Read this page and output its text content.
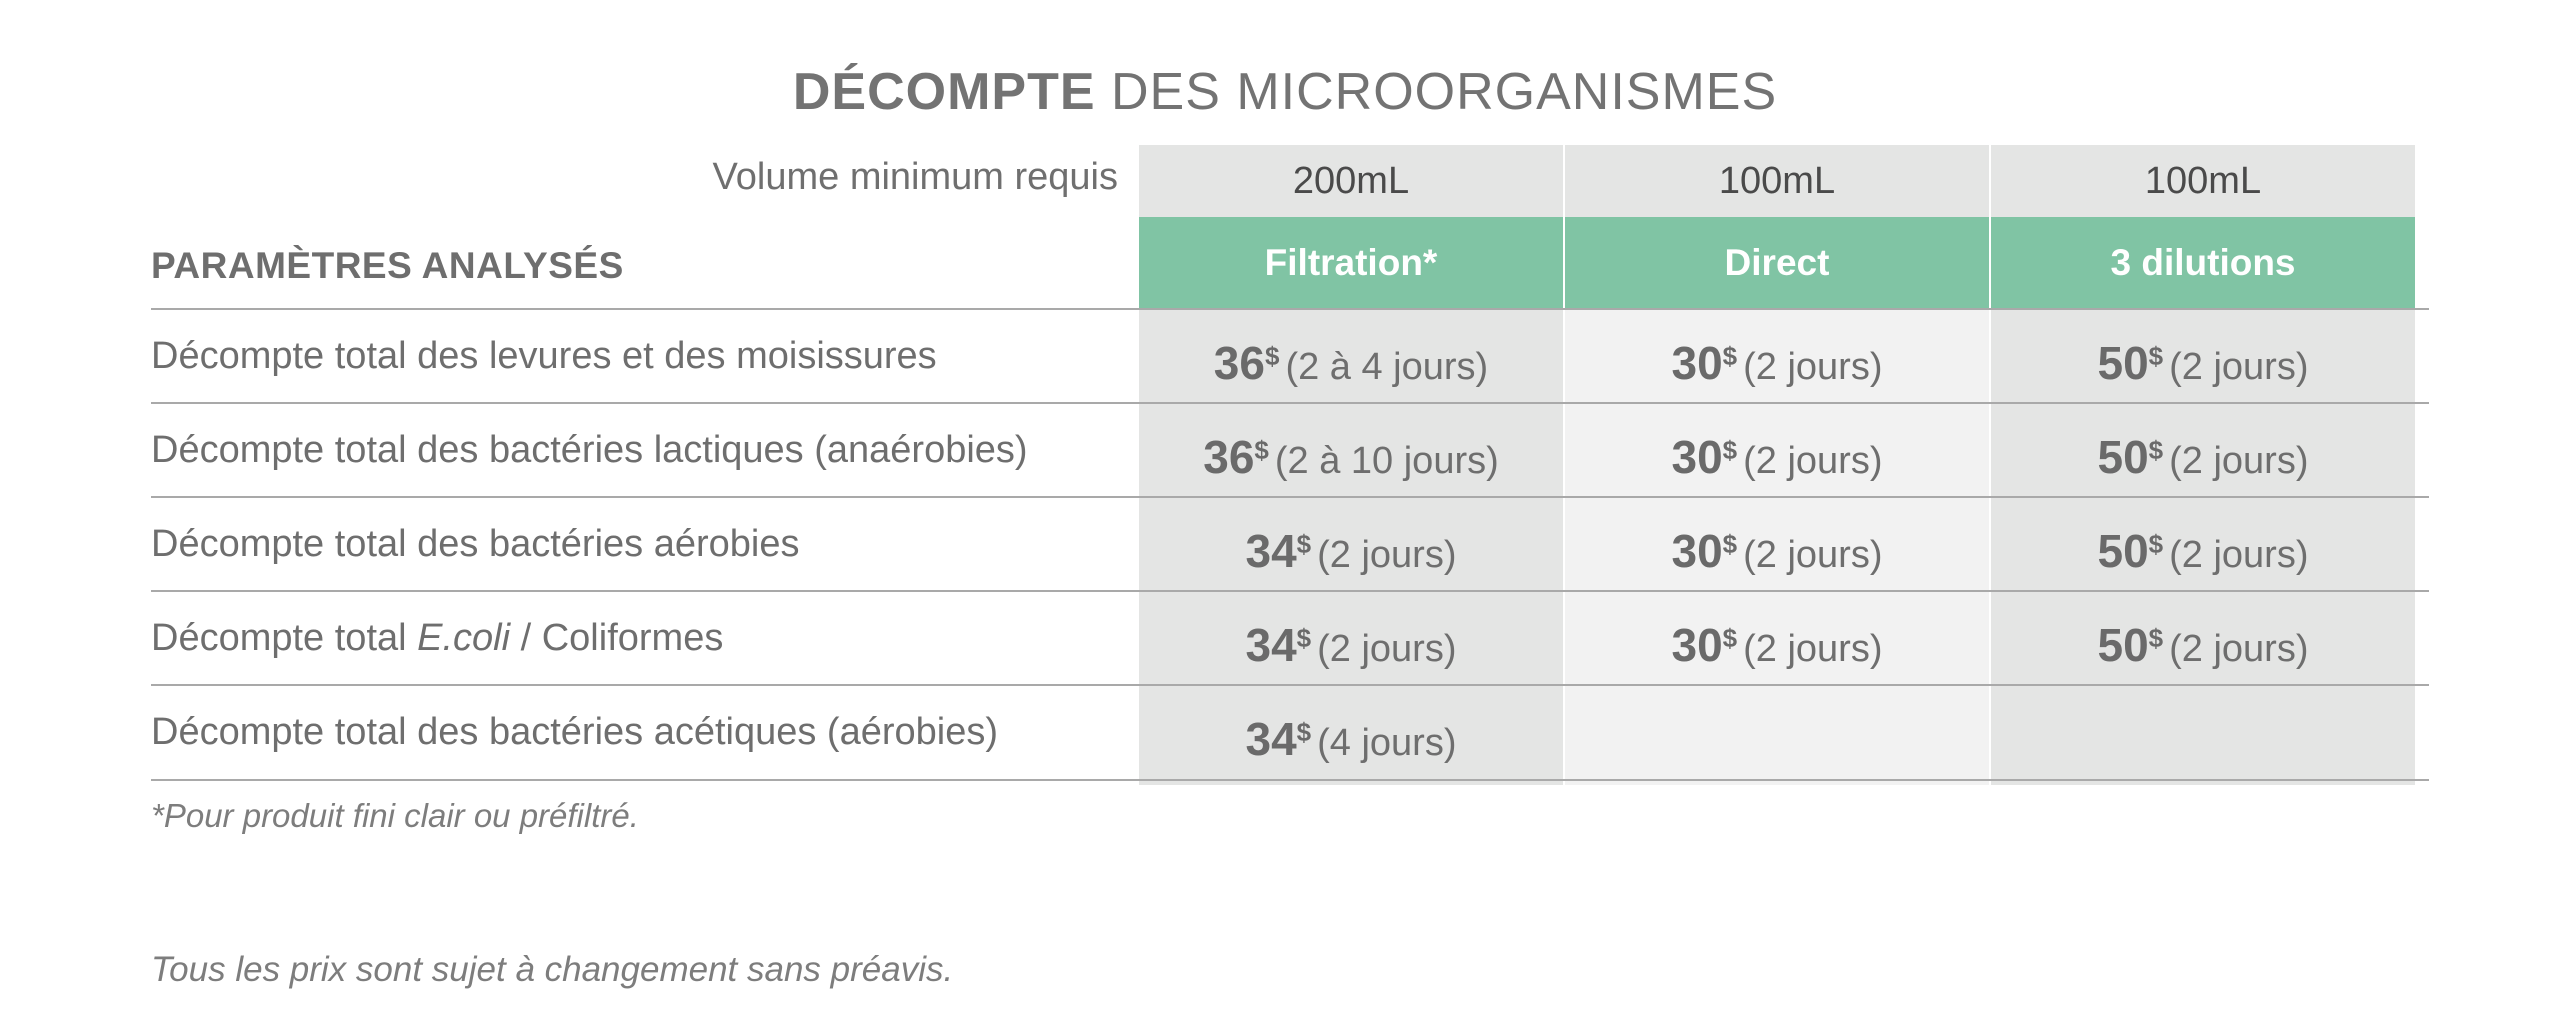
DÉCOMPTE DES MICROORGANISMES
Volume minimum requis	200mL	100mL	100mL
PARAMÈTRES ANALYSÉS	Filtration*	Direct	3 dilutions
Décompte total des levures et des moisissures	36$ (2 à 4 jours)	30$ (2 jours)	50$ (2 jours)
Décompte total des bactéries lactiques (anaérobies)	36$ (2 à 10 jours)	30$ (2 jours)	50$ (2 jours)
Décompte total des bactéries aérobies	34$ (2 jours)	30$ (2 jours)	50$ (2 jours)
Décompte total E.coli / Coliformes	34$ (2 jours)	30$ (2 jours)	50$ (2 jours)
Décompte total des bactéries acétiques (aérobies)	34$ (4 jours)
*Pour produit fini clair ou préfiltré.
Tous les prix sont sujet à changement sans préavis.
